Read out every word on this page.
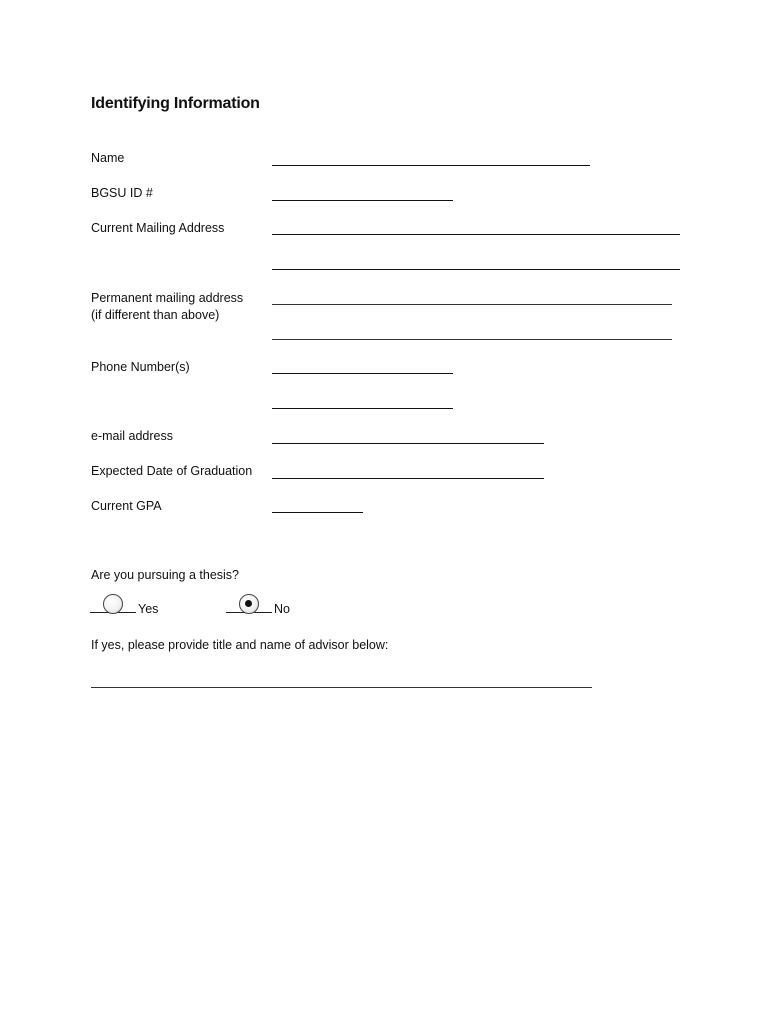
Identifying Information
Name
BGSU ID #
Current Mailing Address
Permanent mailing address
(if different than above)
Phone Number(s)
e-mail address
Expected Date of Graduation
Current GPA
Are you pursuing a thesis?
Yes	No
If yes, please provide title and name of advisor below:
